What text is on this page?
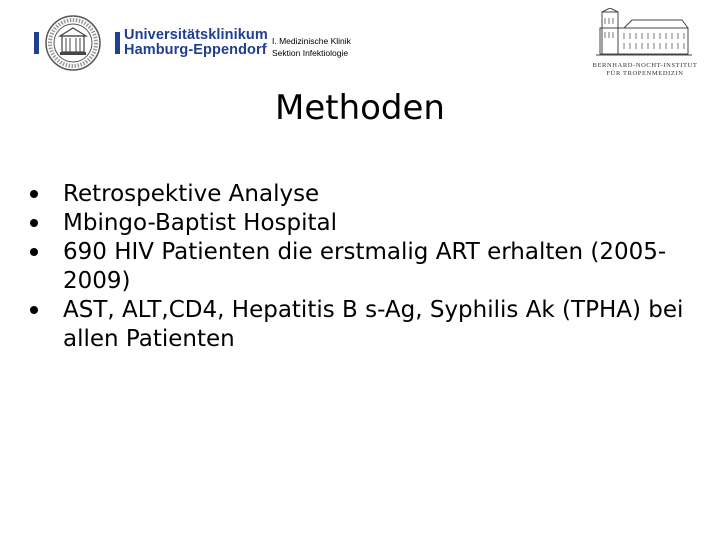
Universitätsklinikum
Hamburg-Eppendorf
I. Medizinische Klinik
Sektion Infektiologie
BERNHARD-NOCHT-INSTITUT
FÜR TROPENMEDIZIN
Methoden
Retrospektive Analyse
Mbingo-Baptist Hospital
690 HIV Patienten die erstmalig ART erhalten (2005-2009)
AST, ALT,CD4, Hepatitis B s-Ag, Syphilis Ak (TPHA) bei allen Patienten
